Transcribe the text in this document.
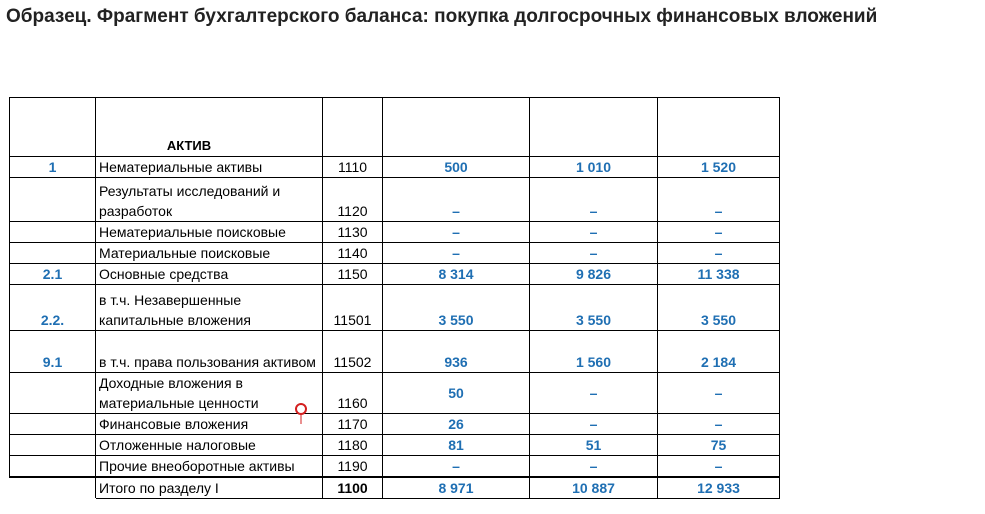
Образец. Фрагмент бухгалтерского баланса: покупка долгосрочных финансовых вложений

	АКТИВ				

1	Нематериальные активы	1110	500	1 010	1 520
	Результаты исследований и разработок	1120	–	–	–
	Нематериальные поисковые	1130	–	–	–
	Материальные поисковые	1140	–	–	–
2.1	Основные средства	1150	8 314	9 826	11 338
2.2.	в т.ч. Незавершенные капитальные вложения	11501	3 550	3 550	3 550
9.1	в т.ч. права пользования активом	11502	936	1 560	2 184
	Доходные вложения в материальные ценности	1160	50	–	–
	Финансовые вложения	1170	26	–	–
	Отложенные налоговые	1180	81	51	75
	Прочие внеоборотные активы	1190	–	–	–
	Итого по разделу I	1100	8 971	10 887	12 933
